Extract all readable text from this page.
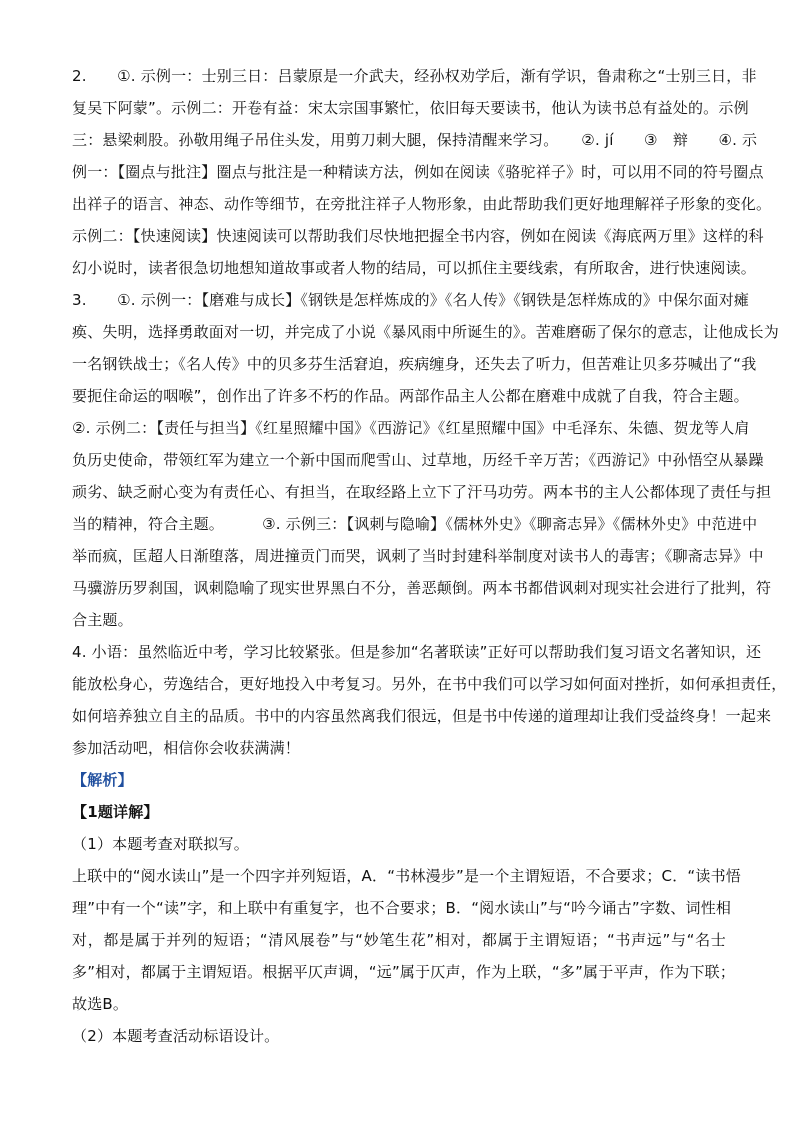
2.　　①. 示例一：士别三日：吕蒙原是一介武夫，经孙权劝学后，渐有学识，鲁肃称之“士别三日，非
复吴下阿蒙”。示例二：开卷有益：宋太宗国事繁忙，依旧每天要读书，他认为读书总有益处的。示例
三：悬梁刺股。孙敬用绳子吊住头发，用剪刀刺大腿，保持清醒来学习。　　②. jí　　③　辩　　④. 示
例一：【圈点与批注】圈点与批注是一种精读方法，例如在阅读《骆驼祥子》时，可以用不同的符号圈点
出祥子的语言、神态、动作等细节，在旁批注祥子人物形象，由此帮助我们更好地理解祥子形象的变化。
示例二：【快速阅读】快速阅读可以帮助我们尽快地把握全书内容，例如在阅读《海底两万里》这样的科
幻小说时，读者很急切地想知道故事或者人物的结局，可以抓住主要线索，有所取舍，进行快速阅读。
3.　　①. 示例一：【磨难与成长】《钢铁是怎样炼成的》《名人传》《钢铁是怎样炼成的》中保尔面对瘫
痪、失明，选择勇敢面对一切，并完成了小说《暴风雨中所诞生的》。苦难磨砺了保尔的意志，让他成长为
一名钢铁战士；《名人传》中的贝多芬生活窘迫，疾病缠身，还失去了听力，但苦难让贝多芬喊出了“我
要扼住命运的咽喉”，创作出了许多不朽的作品。两部作品主人公都在磨难中成就了自我，符合主题。
②. 示例二：【责任与担当】《红星照耀中国》《西游记》《红星照耀中国》中毛泽东、朱德、贺龙等人肩
负历史使命，带领红军为建立一个新中国而爬雪山、过草地，历经千辛万苦；《西游记》中孙悟空从暴躁
顽劣、缺乏耐心变为有责任心、有担当，在取经路上立下了汗马功劳。两本书的主人公都体现了责任与担
当的精神，符合主题。　　　③. 示例三：【讽刺与隐喻】《儒林外史》《聊斋志异》《儒林外史》中范进中
举而疯，匡超人日渐堕落，周进撞贡门而哭，讽刺了当时封建科举制度对读书人的毒害；《聊斋志异》中
马骥游历罗刹国，讽刺隐喻了现实世界黑白不分，善恶颠倒。两本书都借讽刺对现实社会进行了批判，符
合主题。
4. 小语：虽然临近中考，学习比较紧张。但是参加“名著联读”正好可以帮助我们复习语文名著知识，还
能放松身心，劳逸结合，更好地投入中考复习。另外，在书中我们可以学习如何面对挫折，如何承担责任，
如何培养独立自主的品质。书中的内容虽然离我们很远，但是书中传递的道理却让我们受益终身！一起来
参加活动吧，相信你会收获满满！
【解析】
【1题详解】
（1）本题考查对联拟写。
上联中的“阅水读山”是一个四字并列短语，A．“书林漫步”是一个主谓短语，不合要求；C．“读书悟
理”中有一个“读”字，和上联中有重复字，也不合要求；B．“阅水读山”与“吟今诵古”字数、词性相
对，都是属于并列的短语；“清风展卷”与“妙笔生花”相对，都属于主谓短语；“书声远”与“名士
多”相对，都属于主谓短语。根据平仄声调，“远”属于仄声，作为上联，“多”属于平声，作为下联；
故选B。
（2）本题考查活动标语设计。
